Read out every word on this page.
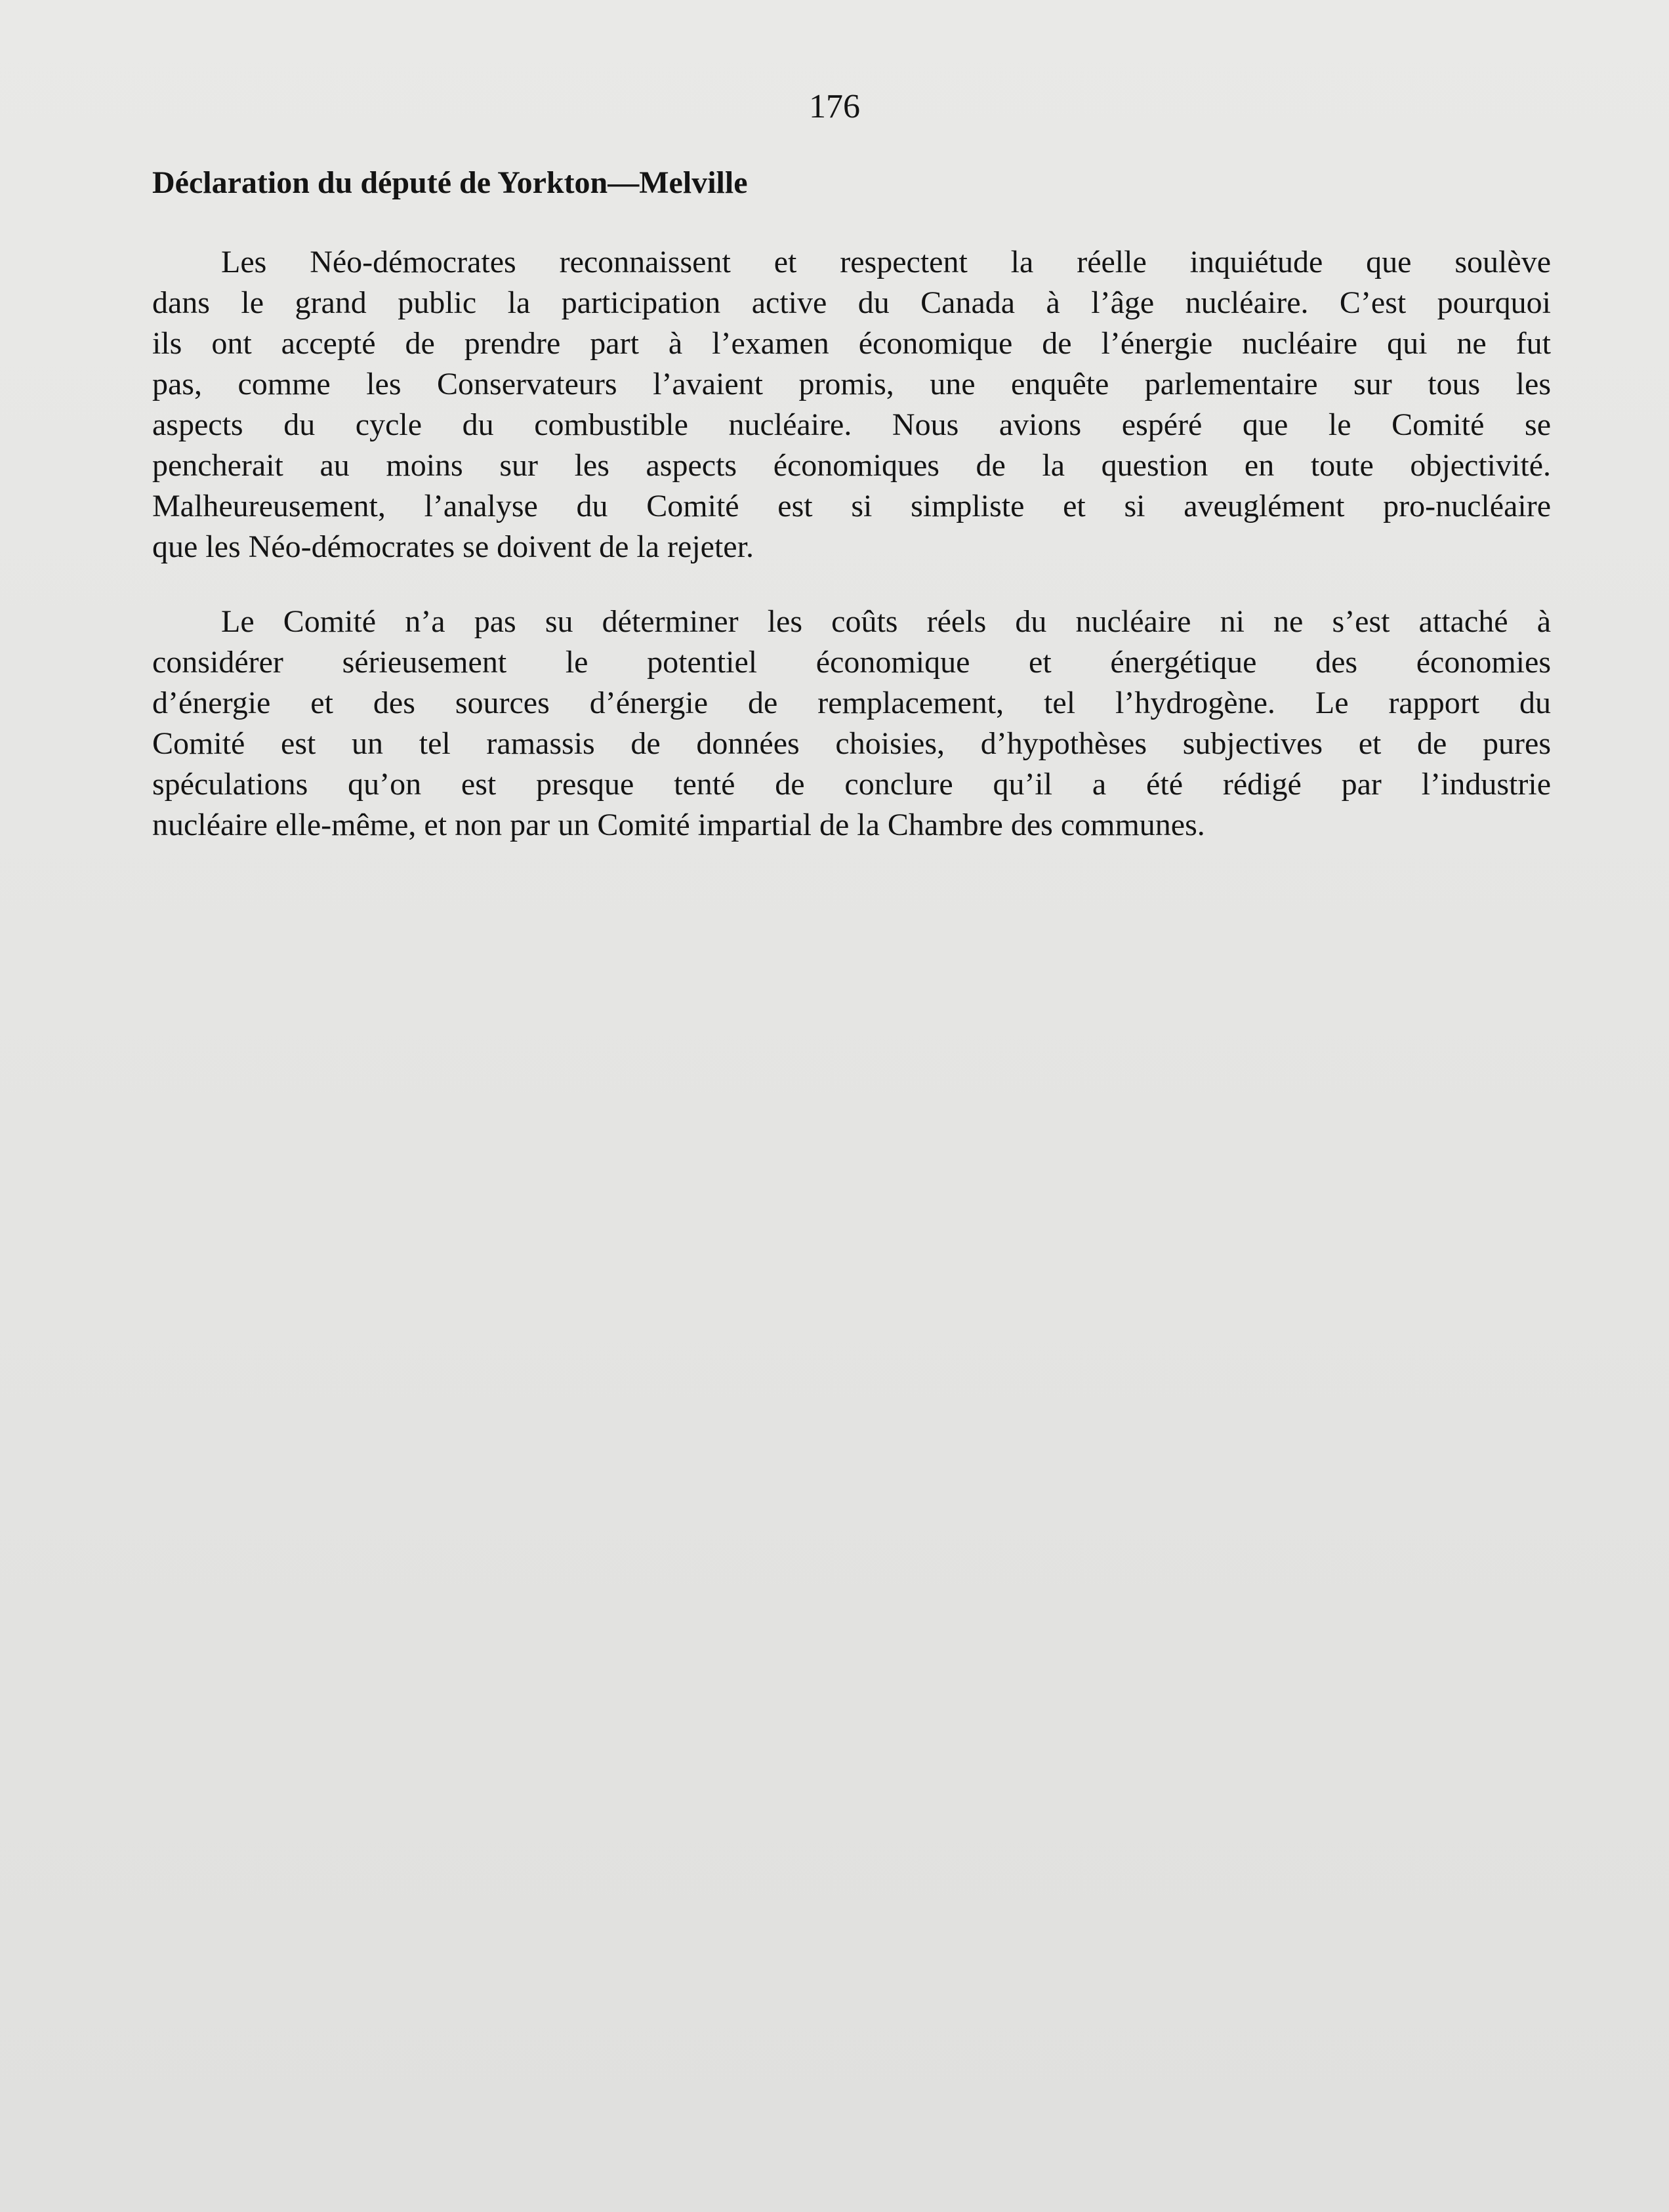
176
Déclaration du député de Yorkton—Melville
Les Néo-démocrates reconnaissent et respectent la réelle inquiétude que soulève
dans le grand public la participation active du Canada à l’âge nucléaire. C’est pourquoi
ils ont accepté de prendre part à l’examen économique de l’énergie nucléaire qui ne fut
pas, comme les Conservateurs l’avaient promis, une enquête parlementaire sur tous les
aspects du cycle du combustible nucléaire. Nous avions espéré que le Comité se
pencherait au moins sur les aspects économiques de la question en toute objectivité.
Malheureusement, l’analyse du Comité est si simpliste et si aveuglément pro-nucléaire
que les Néo-démocrates se doivent de la rejeter.
Le Comité n’a pas su déterminer les coûts réels du nucléaire ni ne s’est attaché à
considérer sérieusement le potentiel économique et énergétique des économies
d’énergie et des sources d’énergie de remplacement, tel l’hydrogène. Le rapport du
Comité est un tel ramassis de données choisies, d’hypothèses subjectives et de pures
spéculations qu’on est presque tenté de conclure qu’il a été rédigé par l’industrie
nucléaire elle-même, et non par un Comité impartial de la Chambre des communes.
